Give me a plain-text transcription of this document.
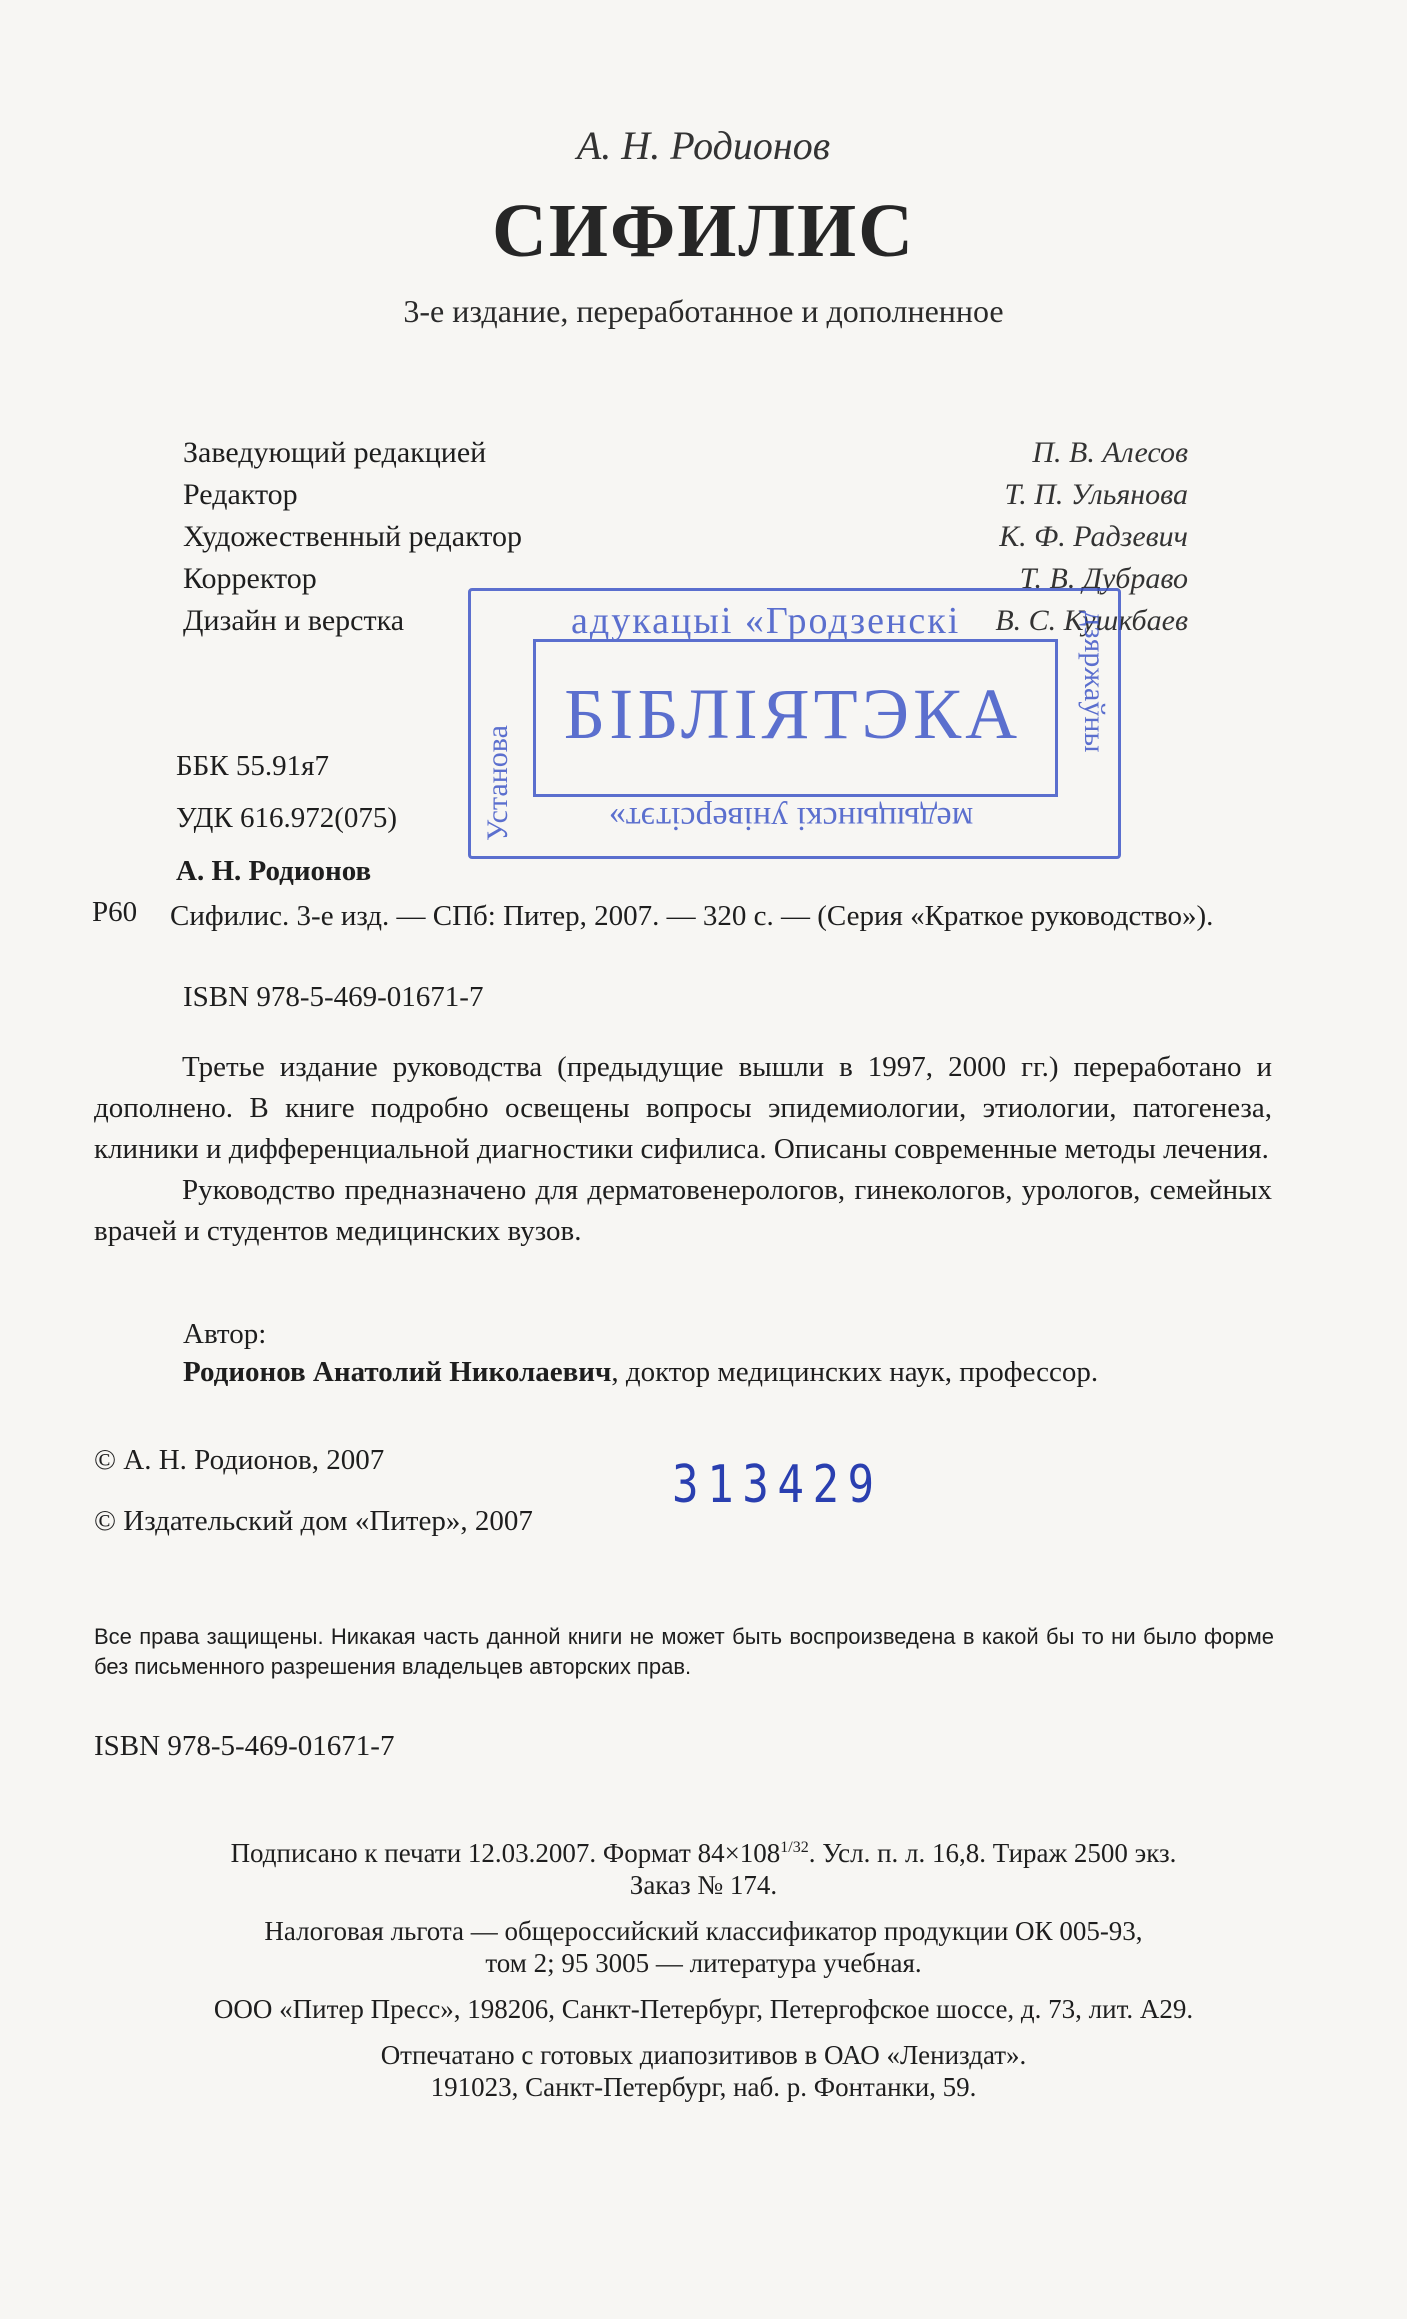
А. Н. Родионов
СИФИЛИС
3-е издание, переработанное и дополненное
Заведующий редакцией	П. В. Алесов
Редактор	Т. П. Ульянова
Художественный редактор	К. Ф. Радзевич
Корректор	Т. В. Дубраво
Дизайн и верстка	В. С. Кушкбаев
адукацыі «Гродзенскі
БІБЛІЯТЭКА
медыцынскі універсітэт»
Установа
дзяржаўны
ББК 55.91я7
УДК 616.972(075)
А. Н. Родионов
Р60 Сифилис. 3-е изд. — СПб: Питер, 2007. — 320 с. — (Серия «Краткое руководство»).
ISBN 978-5-469-01671-7

Третье издание руководства (предыдущие вышли в 1997, 2000 гг.) переработано и дополнено. В книге подробно освещены вопросы эпидемиологии, этиологии, патогенеза, клиники и дифференциальной диагностики сифилиса. Описаны современные методы лечения.

Руководство предназначено для дерматовенерологов, гинекологов, урологов, семейных врачей и студентов медицинских вузов.

Автор:
Родионов Анатолий Николаевич, доктор медицинских наук, профессор.
© А. Н. Родионов, 2007
© Издательский дом «Питер», 2007
313429
Все права защищены. Никакая часть данной книги не может быть воспроизведена в какой бы то ни было форме без письменного разрешения владельцев авторских прав.
ISBN 978-5-469-01671-7
Подписано к печати 12.03.2007. Формат $84\times 108^{1/32}$. Усл. п. л. 16,8. Тираж 2500 экз.
Заказ № 174.
Налоговая льгота — общероссийский классификатор продукции ОК 005-93,
том 2; 95 3005 — литература учебная.
ООО «Питер Пресс», 198206, Санкт-Петербург, Петергофское шоссе, д. 73, лит. А29.
Отпечатано с готовых диапозитивов в ОАО «Лениздат».
191023, Санкт-Петербург, наб. р. Фонтанки, 59.
